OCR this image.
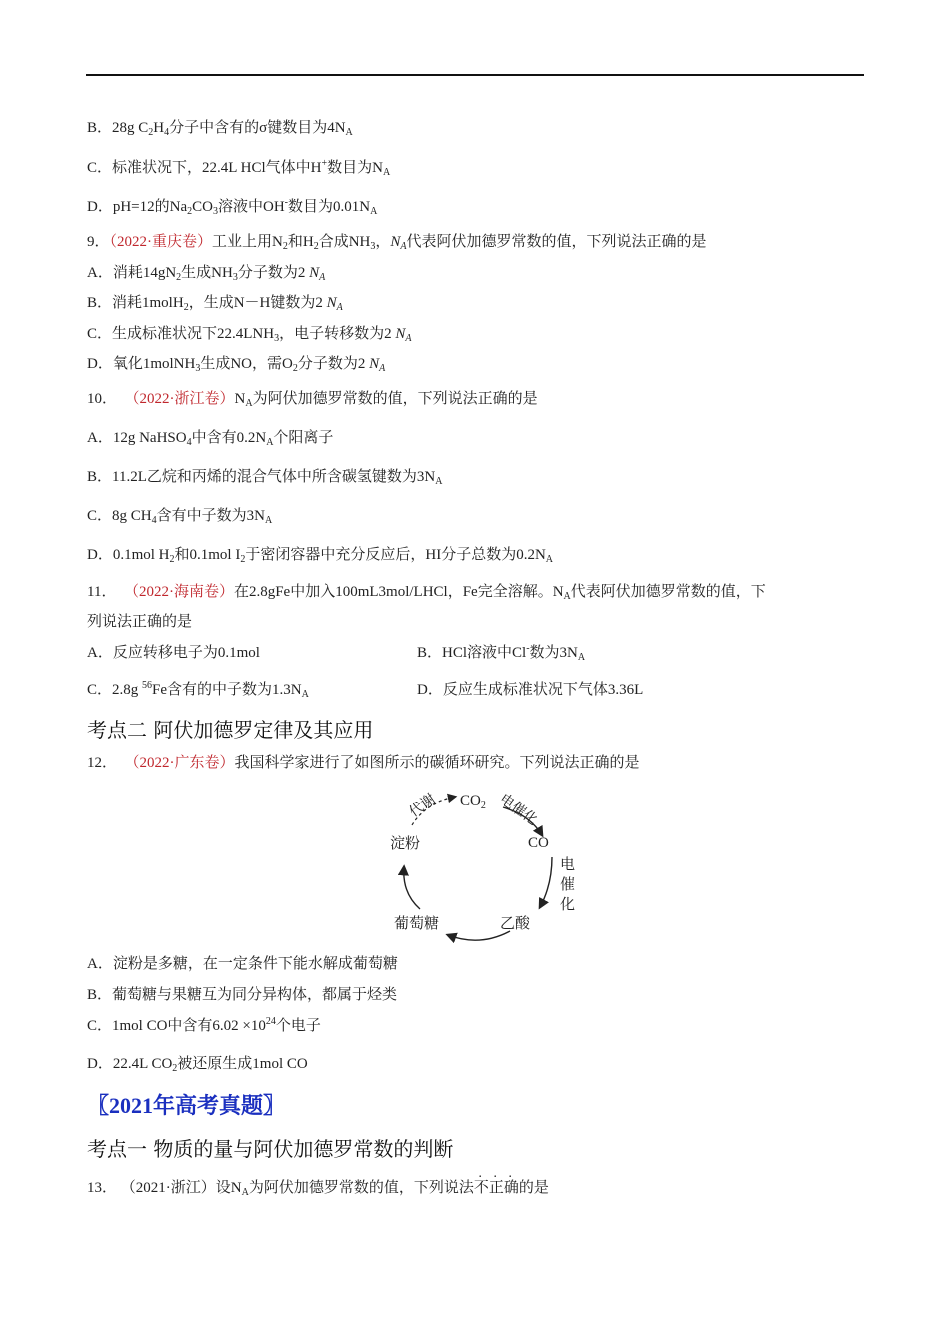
B．28g $C_2H_4$分子中含有的σ键数目为$4N_A$
C．标准状况下，22.4L HCl气体中H+数目为$N_A$
D．pH=12的$Na_2CO_3$溶液中OH-数目为$0.01N_A$
9．（2022·重庆卷）工业上用$N_2$和$H_2$合成$NH_3$，$N_A$代表阿伏加德罗常数的值，下列说法正确的是
A．消耗$14gN_2$生成$NH_3$分子数为2 $N_A$
B．消耗1molH$_2$，生成N－H键数为2 $N_A$
C．生成标准状况下$22.4LNH_3$，电子转移数为2 $N_A$
D．氧化1molNH$_3$生成NO，需$O_2$分子数为2 $N_A$
10． （2022·浙江卷）$N_A$为阿伏加德罗常数的值，下列说法正确的是
A．12g NaHSO$_4$中含有$0.2N_A$个阳离子
B．11.2L乙烷和丙烯的混合气体中所含碳氢键数为$3N_A$
C．8g $CH_4$含有中子数为$3N_A$
D．0.1mol $H_2$和0.1mol $I_2$于密闭容器中充分反应后，HI分子总数为$0.2N_A$
11． （2022·海南卷）在2.8gFe中加入100mL3mol/LHCl，Fe完全溶解。$N_A$代表阿伏加德罗常数的值，下
列说法正确的是
A．反应转移电子为0.1mol	B．HCl溶液中Cl-数为$3N_A$
C．2.8g $^{56}$Fe含有的中子数为$1.3N_A$	D．反应生成标准状况下气体3.36L
考点二 阿伏加德罗定律及其应用
12． （2022·广东卷）我国科学家进行了如图所示的碳循环研究。下列说法正确的是
$CO_2$
CO
淀粉
葡萄糖	乙酸
代谢	电催化
电
催
化
A．淀粉是多糖，在一定条件下能水解成葡萄糖
B．葡萄糖与果糖互为同分异构体，都属于烃类
C．1mol CO中含有$6.02 \times 10^{24}$个电子
D．22.4L $CO_2$被还原生成1mol CO
〖2021年高考真题〗
考点一 物质的量与阿伏加德罗常数的判断
13． （2021·浙江）设$N_A$为阿伏加德罗常数的值，下列说法不正确的是
